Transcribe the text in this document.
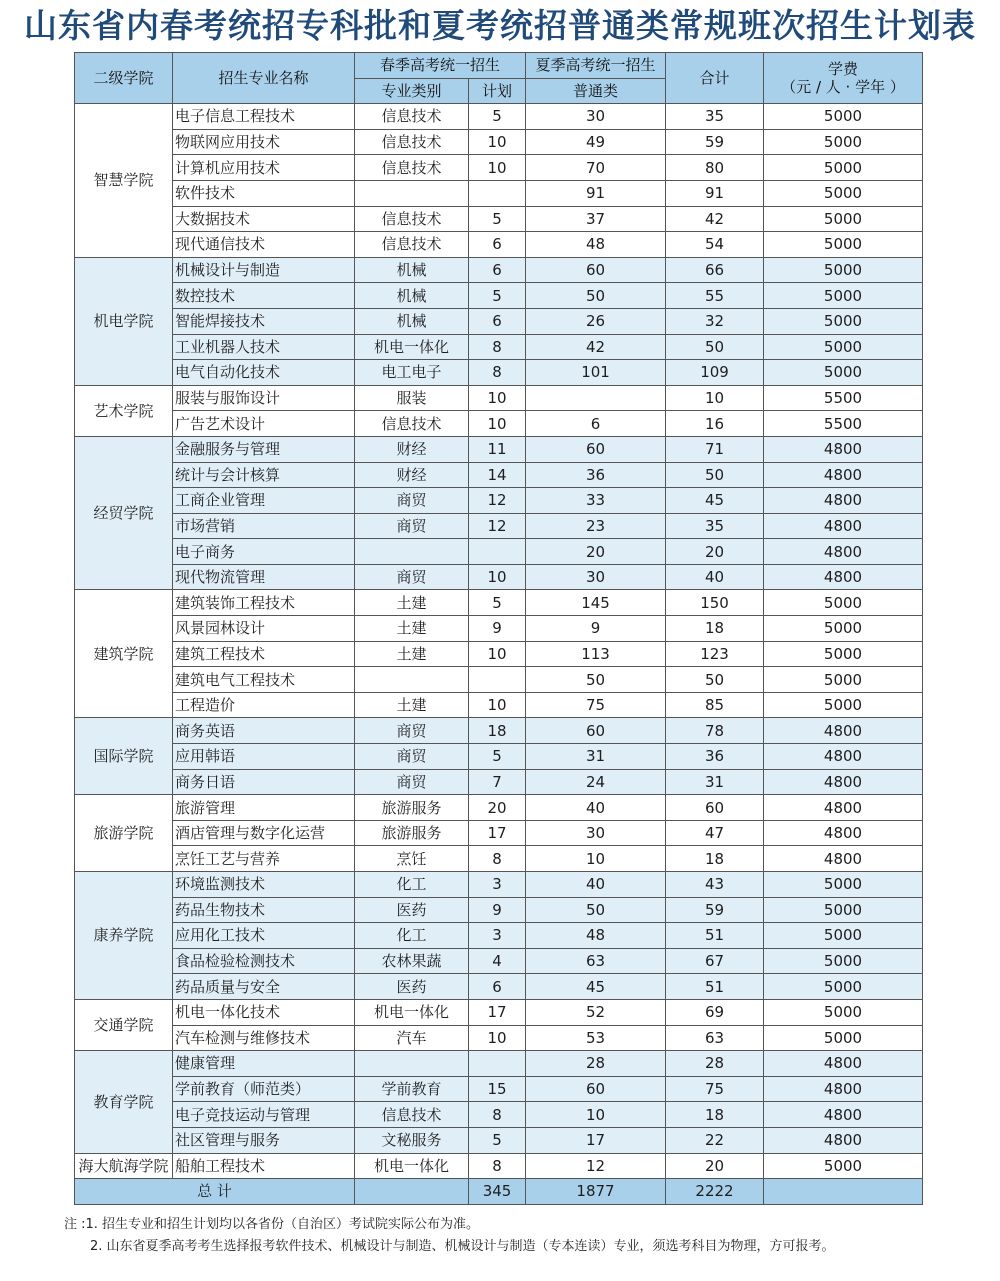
山东省内春考统招专科批和夏考统招普通类常规班次招生计划表
二级学院	招生专业名称	春季高考统一招生		夏季高考统一招生	合计	学费
（元 / 人 · 学年 ）

		专业类别	计划	普通类		
智慧学院	电子信息工程技术	信息技术	5	30	35	5000
	物联网应用技术	信息技术	10	49	59	5000
	计算机应用技术	信息技术	10	70	80	5000
	软件技术			91	91	5000
	大数据技术	信息技术	5	37	42	5000
	现代通信技术	信息技术	6	48	54	5000
机电学院	机械设计与制造	机械	6	60	66	5000
	数控技术	机械	5	50	55	5000
	智能焊接技术	机械	6	26	32	5000
	工业机器人技术	机电一体化	8	42	50	5000
	电气自动化技术	电工电子	8	101	109	5000
艺术学院	服装与服饰设计	服装	10		10	5500
	广告艺术设计	信息技术	10	6	16	5500
经贸学院	金融服务与管理	财经	11	60	71	4800
	统计与会计核算	财经	14	36	50	4800
	工商企业管理	商贸	12	33	45	4800
	市场营销	商贸	12	23	35	4800
	电子商务			20	20	4800
	现代物流管理	商贸	10	30	40	4800
建筑学院	建筑装饰工程技术	土建	5	145	150	5000
	风景园林设计	土建	9	9	18	5000
	建筑工程技术	土建	10	113	123	5000
	建筑电气工程技术			50	50	5000
	工程造价	土建	10	75	85	5000
国际学院	商务英语	商贸	18	60	78	4800
	应用韩语	商贸	5	31	36	4800
	商务日语	商贸	7	24	31	4800
旅游学院	旅游管理	旅游服务	20	40	60	4800
	酒店管理与数字化运营	旅游服务	17	30	47	4800
	烹饪工艺与营养	烹饪	8	10	18	4800
康养学院	环境监测技术	化工	3	40	43	5000
	药品生物技术	医药	9	50	59	5000
	应用化工技术	化工	3	48	51	5000
	食品检验检测技术	农林果蔬	4	63	67	5000
	药品质量与安全	医药	6	45	51	5000
交通学院	机电一体化技术	机电一体化	17	52	69	5000
	汽车检测与维修技术	汽车	10	53	63	5000
教育学院	健康管理			28	28	4800
	学前教育（师范类）	学前教育	15	60	75	4800
	电子竞技运动与管理	信息技术	8	10	18	4800
	社区管理与服务	文秘服务	5	17	22	4800
海大航海学院	船舶工程技术	机电一体化	8	12	20	5000
总 计			345	1877	2222	
注 :1. 招生专业和招生计划均以各省份（自治区）考试院实际公布为准。
2. 山东省夏季高考考生选择报考软件技术、机械设计与制造、机械设计与制造（专本连读）专业，须选考科目为物理，方可报考。
